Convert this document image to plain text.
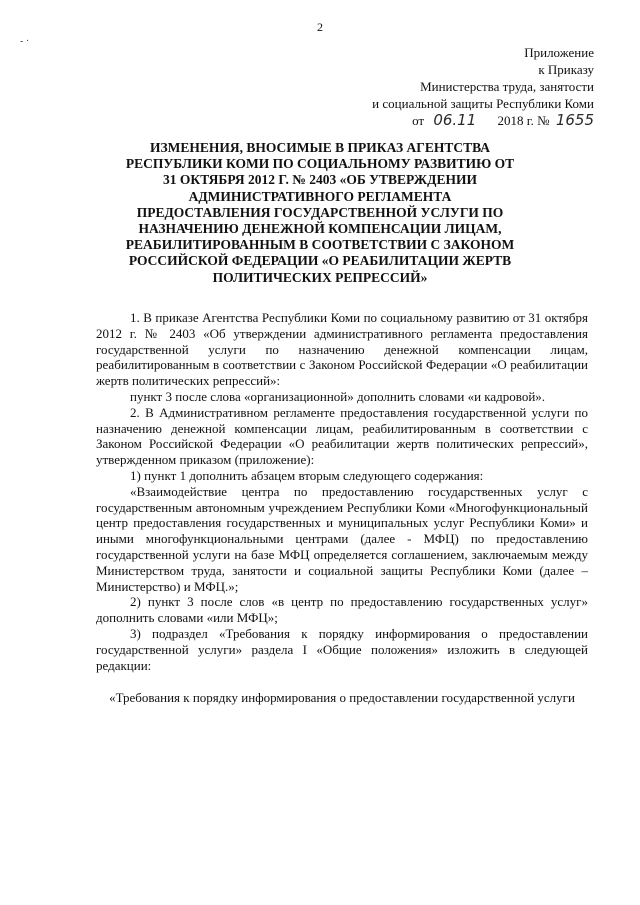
2
- ·
Приложение
к Приказу
Министерства труда, занятости
и социальной защиты Республики Коми
от 06.11 2018 г. № 1655
ИЗМЕНЕНИЯ, ВНОСИМЫЕ В ПРИКАЗ АГЕНТСТВА
РЕСПУБЛИКИ КОМИ ПО СОЦИАЛЬНОМУ РАЗВИТИЮ ОТ
31 ОКТЯБРЯ 2012 Г. № 2403 «ОБ УТВЕРЖДЕНИИ
АДМИНИСТРАТИВНОГО РЕГЛАМЕНТА
ПРЕДОСТАВЛЕНИЯ ГОСУДАРСТВЕННОЙ УСЛУГИ ПО
НАЗНАЧЕНИЮ ДЕНЕЖНОЙ КОМПЕНСАЦИИ ЛИЦАМ,
РЕАБИЛИТИРОВАННЫМ В СООТВЕТСТВИИ С ЗАКОНОМ
РОССИЙСКОЙ ФЕДЕРАЦИИ «О РЕАБИЛИТАЦИИ ЖЕРТВ
ПОЛИТИЧЕСКИХ РЕПРЕССИЙ»

1. В приказе Агентства Республики Коми по социальному развитию от 31 октября 2012 г. № 2403 «Об утверждении административного регламента предоставления государственной услуги по назначению денежной компенсации лицам, реабилитированным в соответствии с Законом Российской Федерации «О реабилитации жертв политических репрессий»:

пункт 3 после слова «организационной» дополнить словами «и кадровой».

2. В Административном регламенте предоставления государственной услуги по назначению денежной компенсации лицам, реабилитированным в соответствии с Законом Российской Федерации «О реабилитации жертв политических репрессий», утвержденном приказом (приложение):

1) пункт 1 дополнить абзацем вторым следующего содержания:

«Взаимодействие центра по предоставлению государственных услуг с государственным автономным учреждением Республики Коми «Многофункциональный центр предоставления государственных и муниципальных услуг Республики Коми» и иными многофункциональными центрами (далее - МФЦ) по предоставлению государственной услуги на базе МФЦ определяется соглашением, заключаемым между Министерством труда, занятости и социальной защиты Республики Коми (далее – Министерство) и МФЦ.»;

2) пункт 3 после слов «в центр по предоставлению государственных услуг» дополнить словами «или МФЦ»;

3) подраздел «Требования к порядку информирования о предоставлении государственной услуги» раздела I «Общие положения» изложить в следующей редакции:

«Требования к порядку информирования о предоставлении государственной услуги
